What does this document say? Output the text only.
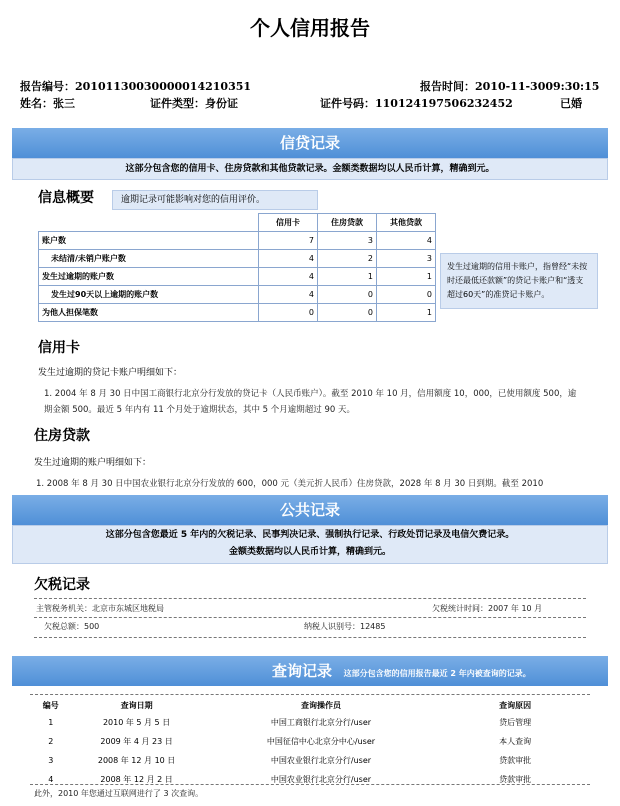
个人信用报告
报告编号：20101130030000014210351	报告时间：2010-11-3009:30:15
姓名：张三	证件类型：身份证	证件号码：110124197506232452	已婚
信贷记录
这部分包含您的信用卡、住房贷款和其他贷款记录。金额类数据均以人民币计算，精确到元。
信息概要	逾期记录可能影响对您的信用评价。
	信用卡	住房贷款	其他贷款
账户数	7	3	4
未结清/未销户账户数	4	2	3
发生过逾期的账户数	4	1	1
发生过90天以上逾期的账户数	4	0	0
为他人担保笔数	0	0	1
发生过逾期的信用卡账户，指曾经“未按时还最低还款额”的贷记卡账户和“透支超过60天”的准贷记卡账户。
信用卡
发生过逾期的贷记卡账户明细如下：
1. 2004 年 8 月 30 日中国工商银行北京分行发放的贷记卡（人民币账户）。截至 2010 年 10 月，信用额度 10，000，已使用额度 500，逾期金额 500。最近 5 年内有 11 个月处于逾期状态，其中 5 个月逾期超过 90 天。
住房贷款
发生过逾期的账户明细如下：
1. 2008 年 8 月 30 日中国农业银行北京分行发放的 600，000 元（美元折人民币）住房贷款，2028 年 8 月 30 日到期。截至 2010
公共记录
这部分包含您最近 5 年内的欠税记录、民事判决记录、强制执行记录、行政处罚记录及电信欠费记录。
金额类数据均以人民币计算，精确到元。
欠税记录
主管税务机关：北京市东城区地税局	欠税统计时间：2007 年 10 月
欠税总额：500	纳税人识别号：12485
查询记录 这部分包含您的信用报告最近 2 年内被查询的记录。
编号	查询日期	查询操作员	查询原因
1	2010 年 5 月 5 日	中国工商银行北京分行/user	贷后管理
2	2009 年 4 月 23 日	中国征信中心北京分中心/user	本人查询
3	2008 年 12 月 10 日	中国农业银行北京分行/user	贷款审批
4	2008 年 12 月 2 日	中国农业银行北京分行/user	贷款审批
此外，2010 年您通过互联网进行了 3 次查询。
